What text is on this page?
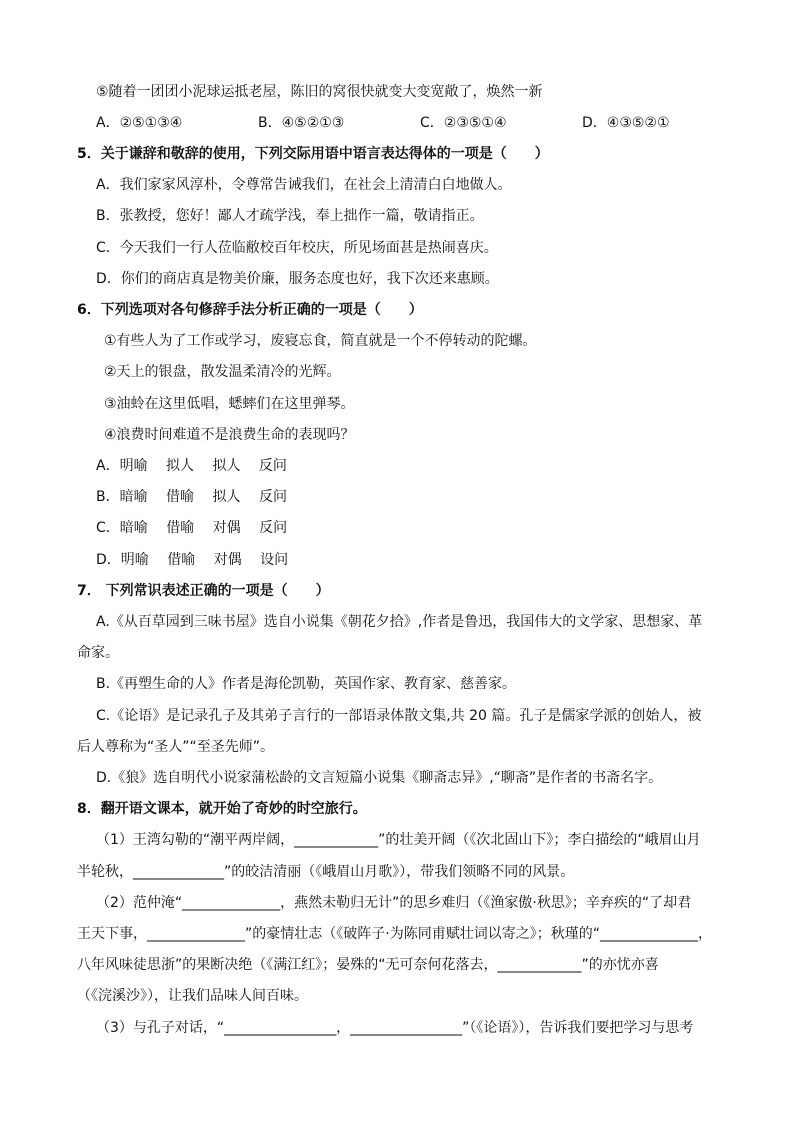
⑤随着一团团小泥球运抵老屋，陈旧的窝很快就变大变宽敞了，焕然一新
A．②⑤①③④	B．④⑤②①③	C．②③⑤①④	D．④③⑤②①
5．关于谦辞和敬辞的使用，下列交际用语中语言表达得体的一项是（　　）
A．我们家家风淳朴，令尊常告诫我们，在社会上清清白白地做人。
B．张教授，您好！鄙人才疏学浅，奉上拙作一篇，敬请指正。
C．今天我们一行人莅临敝校百年校庆，所见场面甚是热闹喜庆。
D．你们的商店真是物美价廉，服务态度也好，我下次还来惠顾。
6．下列选项对各句修辞手法分析正确的一项是（　　）
①有些人为了工作或学习，废寝忘食，简直就是一个不停转动的陀螺。
②天上的银盘，散发温柔清冷的光辉。
③油蛉在这里低唱，蟋蟀们在这里弹琴。
④浪费时间难道不是浪费生命的表现吗？
A．明喻　 拟人　 拟人　 反问
B．暗喻　 借喻　 拟人　 反问
C．暗喻　 借喻　 对偶　 反问
D．明喻　 借喻　 对偶　 设问
7． 下列常识表述正确的一项是（　　）
A.《从百草园到三味书屋》选自小说集《朝花夕拾》,作者是鲁迅，我国伟大的文学家、思想家、革
命家。
B.《再塑生命的人》作者是海伦凯勒，英国作家、教育家、慈善家。
C.《论语》是记录孔子及其弟子言行的一部语录体散文集,共 20 篇。孔子是儒家学派的创始人，被
后人尊称为“圣人”“至圣先师”。
D.《狼》选自明代小说家蒲松龄的文言短篇小说集《聊斋志异》,“聊斋”是作者的书斋名字。
8．翻开语文课本，就开始了奇妙的时空旅行。
（1）王湾勾勒的“潮平两岸阔，____________”的壮美开阔（《次北固山下》；李白描绘的“峨眉山月
半轮秋，_____________”的皎洁清丽（《峨眉山月歌》），带我们领略不同的风景。
（2）范仲淹“______________，燕然未勒归无计”的思乡难归（《渔家傲·秋思》；辛弃疾的“了却君
王天下事，______________”的豪情壮志（《破阵子·为陈同甫赋壮词以寄之》；秋瑾的“______________，
八年风味徒思浙”的果断决绝（《满江红》；晏殊的“无可奈何花落去，____________”的亦忧亦喜
（《浣溪沙》），让我们品味人间百味。
（3）与孔子对话，“________________，________________”（《论语》），告诉我们要把学习与思考
